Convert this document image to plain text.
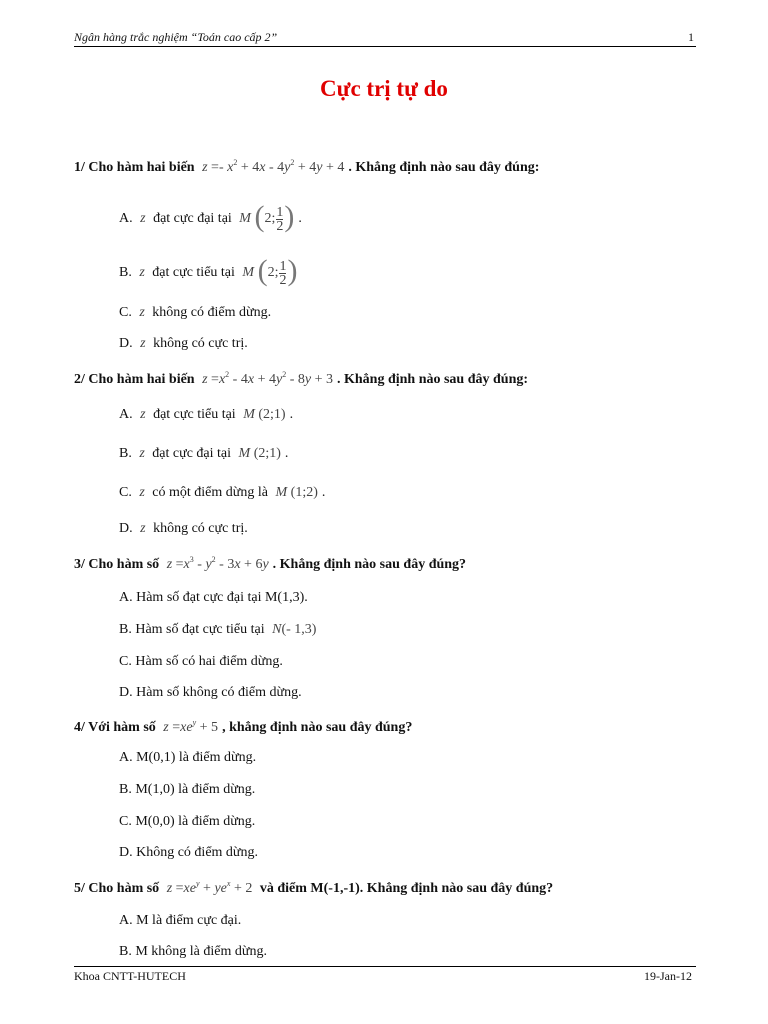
Ngân hàng trắc nghiệm “Toán cao cấp 2”	1
Cực trị tự do
1/ Cho hàm hai biến $z =- x^2 + 4x - 4y^2 + 4y + 4$ . Khẳng định nào sau đây đúng:
A. z đạt cực đại tại M (2; $\frac{1}{2}$ ) .
B. z đạt cực tiểu tại M (2; $\frac{1}{2}$ )
C. z không có điểm dừng.
D. z không có cực trị.
2/ Cho hàm hai biến $z =x^2 - 4x + 4y^2 - 8y + 3$ . Khẳng định nào sau đây đúng:
A. z đạt cực tiểu tại M (2;1) .
B. z đạt cực đại tại M (2;1) .
C. z có một điểm dừng là M (1;2) .
D. z không có cực trị.
3/ Cho hàm số $z =x^3 - y^2 - 3x + 6y$ . Khẳng định nào sau đây đúng?
A. Hàm số đạt cực đại tại M(1,3).
B. Hàm số đạt cực tiểu tại N(- 1,3)
C. Hàm số có hai điểm dừng.
D. Hàm số không có điểm dừng.
4/ Với hàm số $z =xe^y + 5$ , khẳng định nào sau đây đúng?
A. M(0,1) là điểm dừng.
B. M(1,0) là điểm dừng.
C. M(0,0) là điểm dừng.
D. Không có điểm dừng.
5/ Cho hàm số $z =xe^y + ye^x + 2$ và điểm M(-1,-1). Khẳng định nào sau đây đúng?
A. M là điểm cực đại.
B. M không là điểm dừng.
Khoa CNTT-HUTECH	19-Jan-12
